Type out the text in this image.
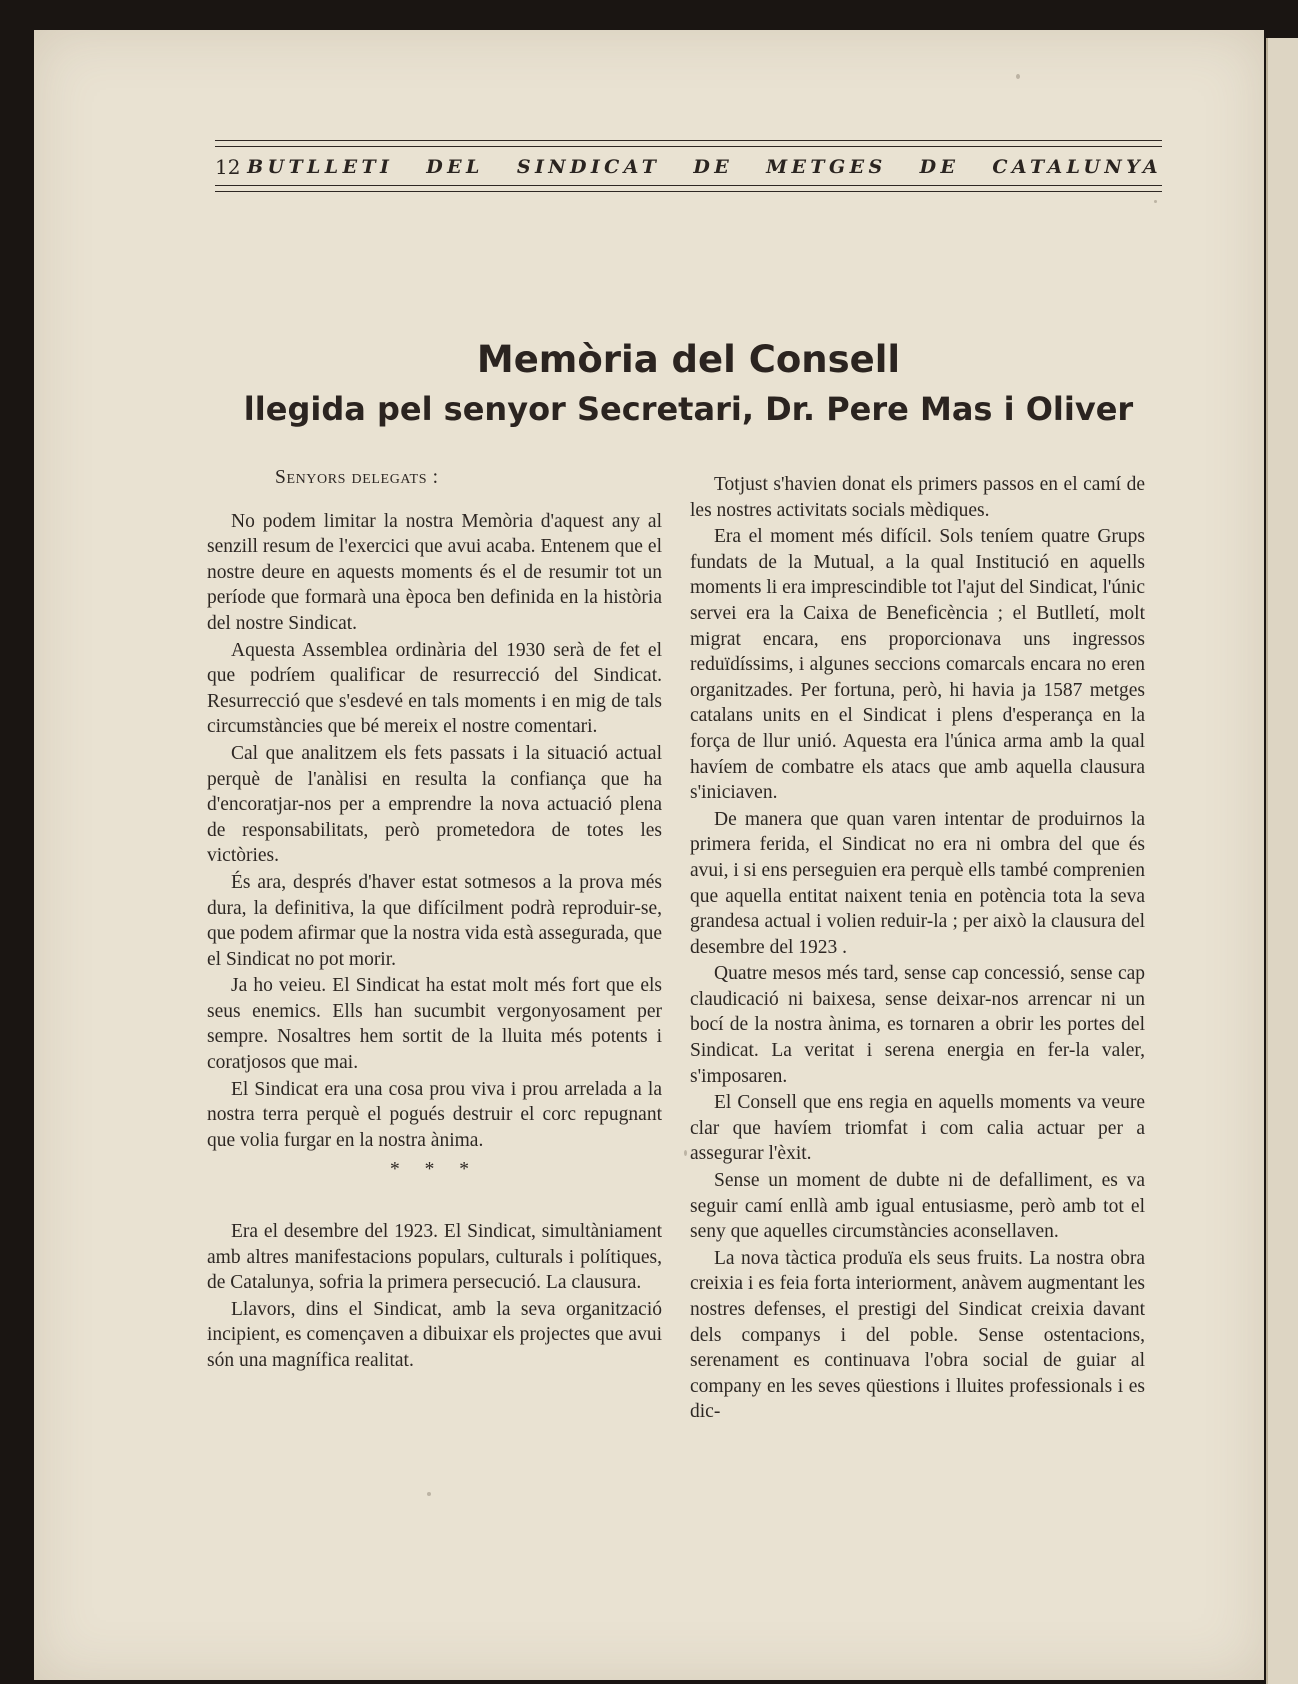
12 BUTLLETI DEL SINDICAT DE METGES DE CATALUNYA
Memòria del Consell
llegida pel senyor Secretari, Dr. Pere Mas i Oliver

Senyors delegats :

No podem limitar la nostra Memòria d'aquest any al senzill resum de l'exercici que avui acaba. Entenem que el nostre deure en aquests moments és el de resumir tot un període que formarà una època ben definida en la història del nostre Sindicat.

Aquesta Assemblea ordinària del 1930 serà de fet el que podríem qualificar de resurrecció del Sindicat. Resurrecció que s'esdevé en tals moments i en mig de tals circumstàncies que bé mereix el nostre comentari.

Cal que analitzem els fets passats i la situació actual perquè de l'anàlisi en resulta la confiança que ha d'encoratjar-nos per a emprendre la nova actuació plena de responsabilitats, però prometedora de totes les victòries.

És ara, després d'haver estat sotmesos a la prova més dura, la definitiva, la que difícilment podrà reproduir-se, que podem afirmar que la nostra vida està assegurada, que el Sindicat no pot morir.

Ja ho veieu. El Sindicat ha estat molt més fort que els seus enemics. Ells han sucumbit vergonyosament per sempre. Nosaltres hem sortit de la lluita més potents i coratjosos que mai.

El Sindicat era una cosa prou viva i prou arrelada a la nostra terra perquè el pogués destruir el corc repugnant que volia furgar en la nostra ànima.

* * *

Era el desembre del 1923. El Sindicat, simultàniament amb altres manifestacions populars, culturals i polítiques, de Catalunya, sofria la primera persecució. La clausura.

Llavors, dins el Sindicat, amb la seva organització incipient, es començaven a dibuixar els projectes que avui són una magnífica realitat.

Totjust s'havien donat els primers passos en el camí de les nostres activitats socials mèdiques.

Era el moment més difícil. Sols teníem quatre Grups fundats de la Mutual, a la qual Institució en aquells moments li era imprescindible tot l'ajut del Sindicat, l'únic servei era la Caixa de Beneficència ; el Butlletí, molt migrat encara, ens proporcionava uns ingressos reduïdíssims, i algunes seccions comarcals encara no eren organitzades. Per fortuna, però, hi havia ja 1587 metges catalans units en el Sindicat i plens d'esperança en la força de llur unió. Aquesta era l'única arma amb la qual havíem de combatre els atacs que amb aquella clausura s'iniciaven.

De manera que quan varen intentar de produirnos la primera ferida, el Sindicat no era ni ombra del que és avui, i si ens perseguien era perquè ells també comprenien que aquella entitat naixent tenia en potència tota la seva grandesa actual i volien reduir-la ; per això la clausura del desembre del 1923 .

Quatre mesos més tard, sense cap concessió, sense cap claudicació ni baixesa, sense deixar-nos arrencar ni un bocí de la nostra ànima, es tornaren a obrir les portes del Sindicat. La veritat i serena energia en fer-la valer, s'imposaren.

El Consell que ens regia en aquells moments va veure clar que havíem triomfat i com calia actuar per a assegurar l'èxit.

Sense un moment de dubte ni de defalliment, es va seguir camí enllà amb igual entusiasme, però amb tot el seny que aquelles circumstàncies aconsellaven.

La nova tàctica produïa els seus fruits. La nostra obra creixia i es feia forta interiorment, anàvem augmentant les nostres defenses, el prestigi del Sindicat creixia davant dels companys i del poble. Sense ostentacions, serenament es continuava l'obra social de guiar al company en les seves qüestions i lluites professionals i es dic-
